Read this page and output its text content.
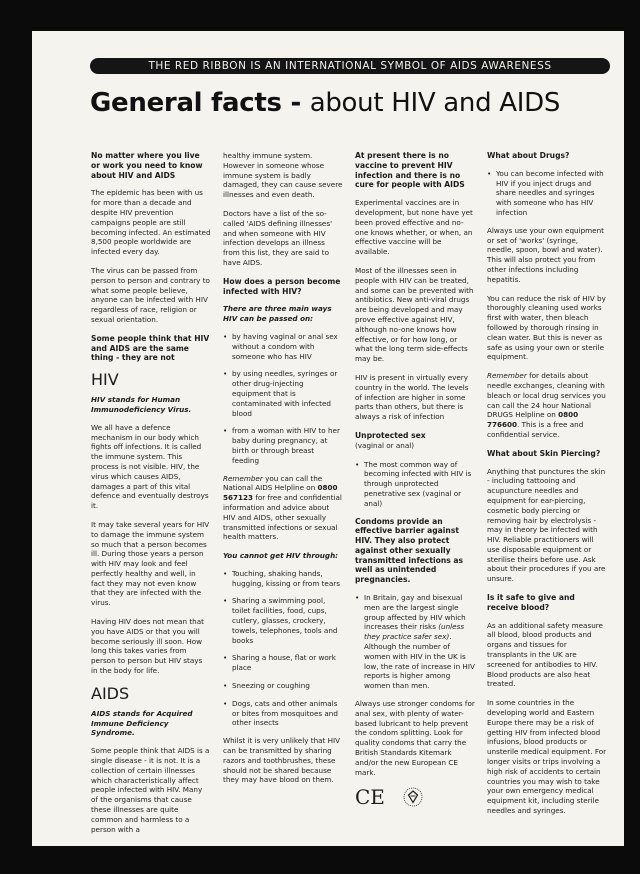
THE RED RIBBON IS AN INTERNATIONAL SYMBOL OF AIDS AWARENESS
General facts - about HIV and AIDS
No matter where you live or work you need to know about HIV and AIDS

The epidemic has been with us for more than a decade and despite HIV prevention campaigns people are still becoming infected. An estimated 8,500 people worldwide are infected every day.

The virus can be passed from person to person and contrary to what some people believe, anyone can be infected with HIV regardless of race, religion or sexual orientation.

Some people think that HIV and AIDS are the same thing - they are not
HIV

HIV stands for Human Immunodeficiency Virus.

We all have a defence mechanism in our body which fights off infections. It is called the immune system. This process is not visible. HIV, the virus which causes AIDS, damages a part of this vital defence and eventually destroys it.

It may take several years for HIV to damage the immune system so much that a person becomes ill. During those years a person with HIV may look and feel perfectly healthy and well, in fact they may not even know that they are infected with the virus.

Having HIV does not mean that you have AIDS or that you will become seriously ill soon. How long this takes varies from person to person but HIV stays in the body for life.

AIDS

AIDS stands for Acquired Immune Deficiency Syndrome.

Some people think that AIDS is a single disease - it is not. It is a collection of certain illnesses which characteristically affect people infected with HIV. Many of the organisms that cause these illnesses are quite common and harmless to a person with a

healthy immune system. However in someone whose immune system is badly damaged, they can cause severe illnesses and even death.

Doctors have a list of the so-called 'AIDS defining illnesses' and when someone with HIV infection develops an illness from this list, they are said to have AIDS.

How does a person become infected with HIV?

There are three main ways HIV can be passed on:

• by having vaginal or anal sex without a condom with someone who has HIV
• by using needles, syringes or other drug-injecting equipment that is contaminated with infected blood
• from a woman with HIV to her baby during pregnancy, at birth or through breast feeding

Remember you can call the National AIDS Helpline on 0800 567123 for free and confidential information and advice about HIV and AIDS, other sexually transmitted infections or sexual health matters.

You cannot get HIV through:

• Touching, shaking hands, hugging, kissing or from tears
• Sharing a swimming pool, toilet facilities, food, cups, cutlery, glasses, crockery, towels, telephones, tools and books
• Sharing a house, flat or work place
• Sneezing or coughing
• Dogs, cats and other animals or bites from mosquitoes and other insects

Whilst it is very unlikely that HIV can be transmitted by sharing razors and toothbrushes, these should not be shared because they may have blood on them.

At present there is no vaccine to prevent HIV infection and there is no cure for people with AIDS

Experimental vaccines are in development, but none have yet been proved effective and no-one knows whether, or when, an effective vaccine will be available.

Most of the illnesses seen in people with HIV can be treated, and some can be prevented with antibiotics. New anti-viral drugs are being developed and may prove effective against HIV, although no-one knows how effective, or for how long, or what the long term side-effects may be.

HIV is present in virtually every country in the world. The levels of infection are higher in some parts than others, but there is always a risk of infection

Unprotected sex

(vaginal or anal)

• The most common way of becoming infected with HIV is through unprotected penetrative sex (vaginal or anal)
Condoms provide an effective barrier against HIV. They also protect against other sexually transmitted infections as well as unintended pregnancies.
• In Britain, gay and bisexual men are the largest single group affected by HIV which increases their risks (unless they practice safer sex). Although the number of women with HIV in the UK is low, the rate of increase in HIV reports is higher among women than men.

Always use stronger condoms for anal sex, with plenty of water-based lubricant to help prevent the condom splitting. Look for quality condoms that carry the British Standards Kitemark and/or the new European CE mark.

CE
What about Drugs?
• You can become infected with HIV if you inject drugs and share needles and syringes with someone who has HIV infection

Always use your own equipment or set of 'works' (syringe, needle, spoon, bowl and water). This will also protect you from other infections including hepatitis.

You can reduce the risk of HIV by thoroughly cleaning used works first with water, then bleach followed by thorough rinsing in clean water. But this is never as safe as using your own or sterile equipment.

Remember for details about needle exchanges, cleaning with bleach or local drug services you can call the 24 hour National DRUGS Helpline on 0800 776600. This is a free and confidential service.

What about Skin Piercing?

Anything that punctures the skin - including tattooing and acupuncture needles and equipment for ear-piercing, cosmetic body piercing or removing hair by electrolysis - may in theory be infected with HIV. Reliable practitioners will use disposable equipment or sterilise theirs before use. Ask about their procedures if you are unsure.

Is it safe to give and receive blood?

As an additional safety measure all blood, blood products and organs and tissues for transplants in the UK are screened for antibodies to HIV. Blood products are also heat treated.

In some countries in the developing world and Eastern Europe there may be a risk of getting HIV from infected blood infusions, blood products or unsterile medical equipment. For longer visits or trips involving a high risk of accidents to certain countries you may wish to take your own emergency medical equipment kit, including sterile needles and syringes.
